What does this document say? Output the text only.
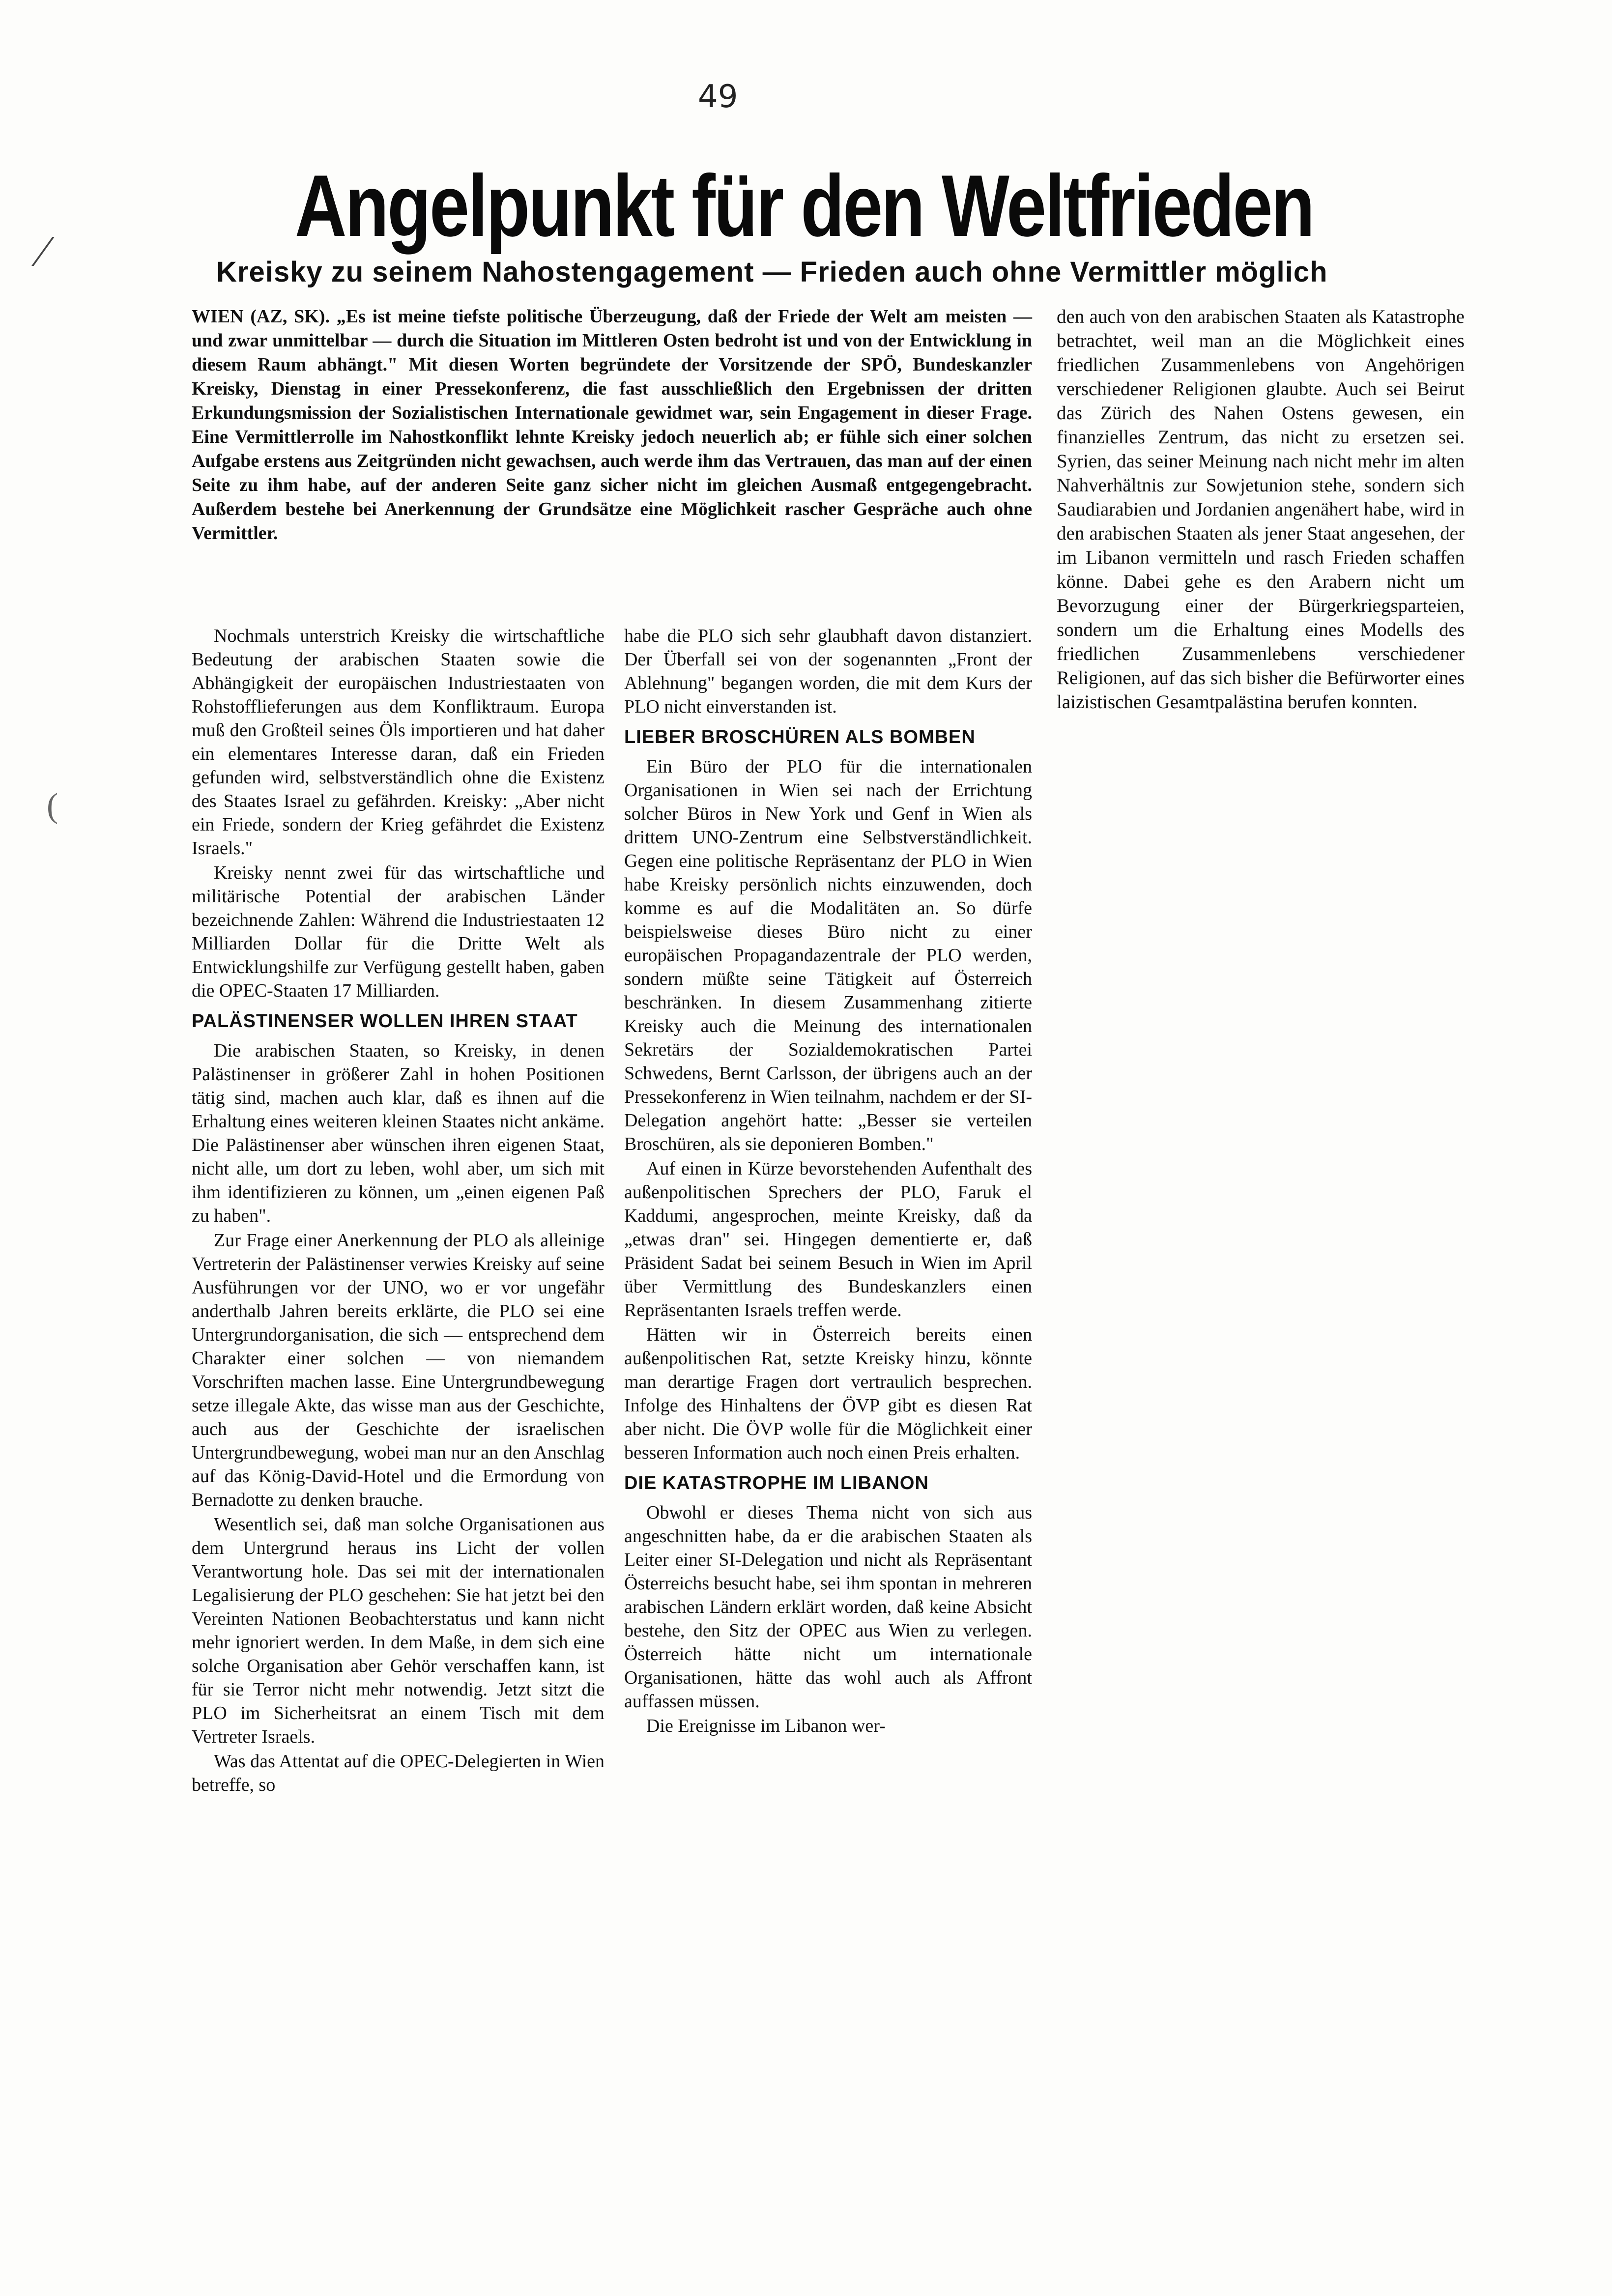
⁄
(
49
Angelpunkt für den Weltfrieden
Kreisky zu seinem Nahostengagement — Frieden auch ohne Vermittler möglich
WIEN (AZ, SK). „Es ist meine tiefste politische Überzeugung, daß der Friede der Welt am meisten — und zwar unmittelbar — durch die Situation im Mittleren Osten bedroht ist und von der Entwicklung in diesem Raum abhängt." Mit diesen Worten begründete der Vorsitzende der SPÖ, Bundeskanzler Kreisky, Dienstag in einer Pressekonferenz, die fast ausschließlich den Ergebnissen der dritten Erkundungsmission der Sozialistischen Internationale gewidmet war, sein Engagement in dieser Frage. Eine Vermittlerrolle im Nahostkonflikt lehnte Kreisky jedoch neuerlich ab; er fühle sich einer solchen Aufgabe erstens aus Zeitgründen nicht gewachsen, auch werde ihm das Vertrauen, das man auf der einen Seite zu ihm habe, auf der anderen Seite ganz sicher nicht im gleichen Ausmaß entgegengebracht. Außerdem bestehe bei Anerkennung der Grundsätze eine Möglichkeit rascher Gespräche auch ohne Vermittler.

Nochmals unterstrich Kreisky die wirtschaftliche Bedeutung der arabischen Staaten sowie die Abhängigkeit der europäischen Industriestaaten von Rohstofflieferungen aus dem Konfliktraum. Europa muß den Großteil seines Öls importieren und hat daher ein elementares Interesse daran, daß ein Frieden gefunden wird, selbstverständlich ohne die Existenz des Staates Israel zu gefährden. Kreisky: „Aber nicht ein Friede, sondern der Krieg gefährdet die Existenz Israels."

Kreisky nennt zwei für das wirtschaftliche und militärische Potential der arabischen Länder bezeichnende Zahlen: Während die Industriestaaten 12 Milliarden Dollar für die Dritte Welt als Entwicklungshilfe zur Verfügung gestellt haben, gaben die OPEC-Staaten 17 Milliarden.

PALÄSTINENSER WOLLEN IHREN STAAT

Die arabischen Staaten, so Kreisky, in denen Palästinenser in größerer Zahl in hohen Positionen tätig sind, machen auch klar, daß es ihnen auf die Erhaltung eines weiteren kleinen Staates nicht ankäme. Die Palästinenser aber wünschen ihren eigenen Staat, nicht alle, um dort zu leben, wohl aber, um sich mit ihm identifizieren zu können, um „einen eigenen Paß zu haben".

Zur Frage einer Anerkennung der PLO als alleinige Vertreterin der Palästinenser verwies Kreisky auf seine Ausführungen vor der UNO, wo er vor ungefähr anderthalb Jahren bereits erklärte, die PLO sei eine Untergrundorganisation, die sich — entsprechend dem Charakter einer solchen — von niemandem Vorschriften machen lasse. Eine Untergrundbewegung setze illegale Akte, das wisse man aus der Geschichte, auch aus der Geschichte der israelischen Untergrundbewegung, wobei man nur an den Anschlag auf das König-David-Hotel und die Ermordung von Bernadotte zu denken brauche.

Wesentlich sei, daß man solche Organisationen aus dem Untergrund heraus ins Licht der vollen Verantwortung hole. Das sei mit der internationalen Legalisierung der PLO geschehen: Sie hat jetzt bei den Vereinten Nationen Beobachterstatus und kann nicht mehr ignoriert werden. In dem Maße, in dem sich eine solche Organisation aber Gehör verschaffen kann, ist für sie Terror nicht mehr notwendig. Jetzt sitzt die PLO im Sicherheitsrat an einem Tisch mit dem Vertreter Israels.

Was das Attentat auf die OPEC-Delegierten in Wien betreffe, so

habe die PLO sich sehr glaubhaft davon distanziert. Der Überfall sei von der sogenannten „Front der Ablehnung" begangen worden, die mit dem Kurs der PLO nicht einverstanden ist.

LIEBER BROSCHÜREN ALS BOMBEN

Ein Büro der PLO für die internationalen Organisationen in Wien sei nach der Errichtung solcher Büros in New York und Genf in Wien als drittem UNO-Zentrum eine Selbstverständlichkeit. Gegen eine politische Repräsentanz der PLO in Wien habe Kreisky persönlich nichts einzuwenden, doch komme es auf die Modalitäten an. So dürfe beispielsweise dieses Büro nicht zu einer europäischen Propagandazentrale der PLO werden, sondern müßte seine Tätigkeit auf Österreich beschränken. In diesem Zusammenhang zitierte Kreisky auch die Meinung des internationalen Sekretärs der Sozialdemokratischen Partei Schwedens, Bernt Carlsson, der übrigens auch an der Pressekonferenz in Wien teilnahm, nachdem er der SI-Delegation angehört hatte: „Besser sie verteilen Broschüren, als sie deponieren Bomben."

Auf einen in Kürze bevorstehenden Aufenthalt des außenpolitischen Sprechers der PLO, Faruk el Kaddumi, angesprochen, meinte Kreisky, daß da „etwas dran" sei. Hingegen dementierte er, daß Präsident Sadat bei seinem Besuch in Wien im April über Vermittlung des Bundeskanzlers einen Repräsentanten Israels treffen werde.

Hätten wir in Österreich bereits einen außenpolitischen Rat, setzte Kreisky hinzu, könnte man derartige Fragen dort vertraulich besprechen. Infolge des Hinhaltens der ÖVP gibt es diesen Rat aber nicht. Die ÖVP wolle für die Möglichkeit einer besseren Information auch noch einen Preis erhalten.

DIE KATASTROPHE IM LIBANON

Obwohl er dieses Thema nicht von sich aus angeschnitten habe, da er die arabischen Staaten als Leiter einer SI-Delegation und nicht als Repräsentant Österreichs besucht habe, sei ihm spontan in mehreren arabischen Ländern erklärt worden, daß keine Absicht bestehe, den Sitz der OPEC aus Wien zu verlegen. Österreich hätte nicht um internationale Organisationen, hätte das wohl auch als Affront auffassen müssen.

Die Ereignisse im Libanon wer-

den auch von den arabischen Staaten als Katastrophe betrachtet, weil man an die Möglichkeit eines friedlichen Zusammenlebens von Angehörigen verschiedener Religionen glaubte. Auch sei Beirut das Zürich des Nahen Ostens gewesen, ein finanzielles Zentrum, das nicht zu ersetzen sei. Syrien, das seiner Meinung nach nicht mehr im alten Nahverhältnis zur Sowjetunion stehe, sondern sich Saudiarabien und Jordanien angenähert habe, wird in den arabischen Staaten als jener Staat angesehen, der im Libanon vermitteln und rasch Frieden schaffen könne. Dabei gehe es den Arabern nicht um Bevorzugung einer der Bürgerkriegsparteien, sondern um die Erhaltung eines Modells des friedlichen Zusammenlebens verschiedener Religionen, auf das sich bisher die Befürworter eines laizistischen Gesamtpalästina berufen konnten.
